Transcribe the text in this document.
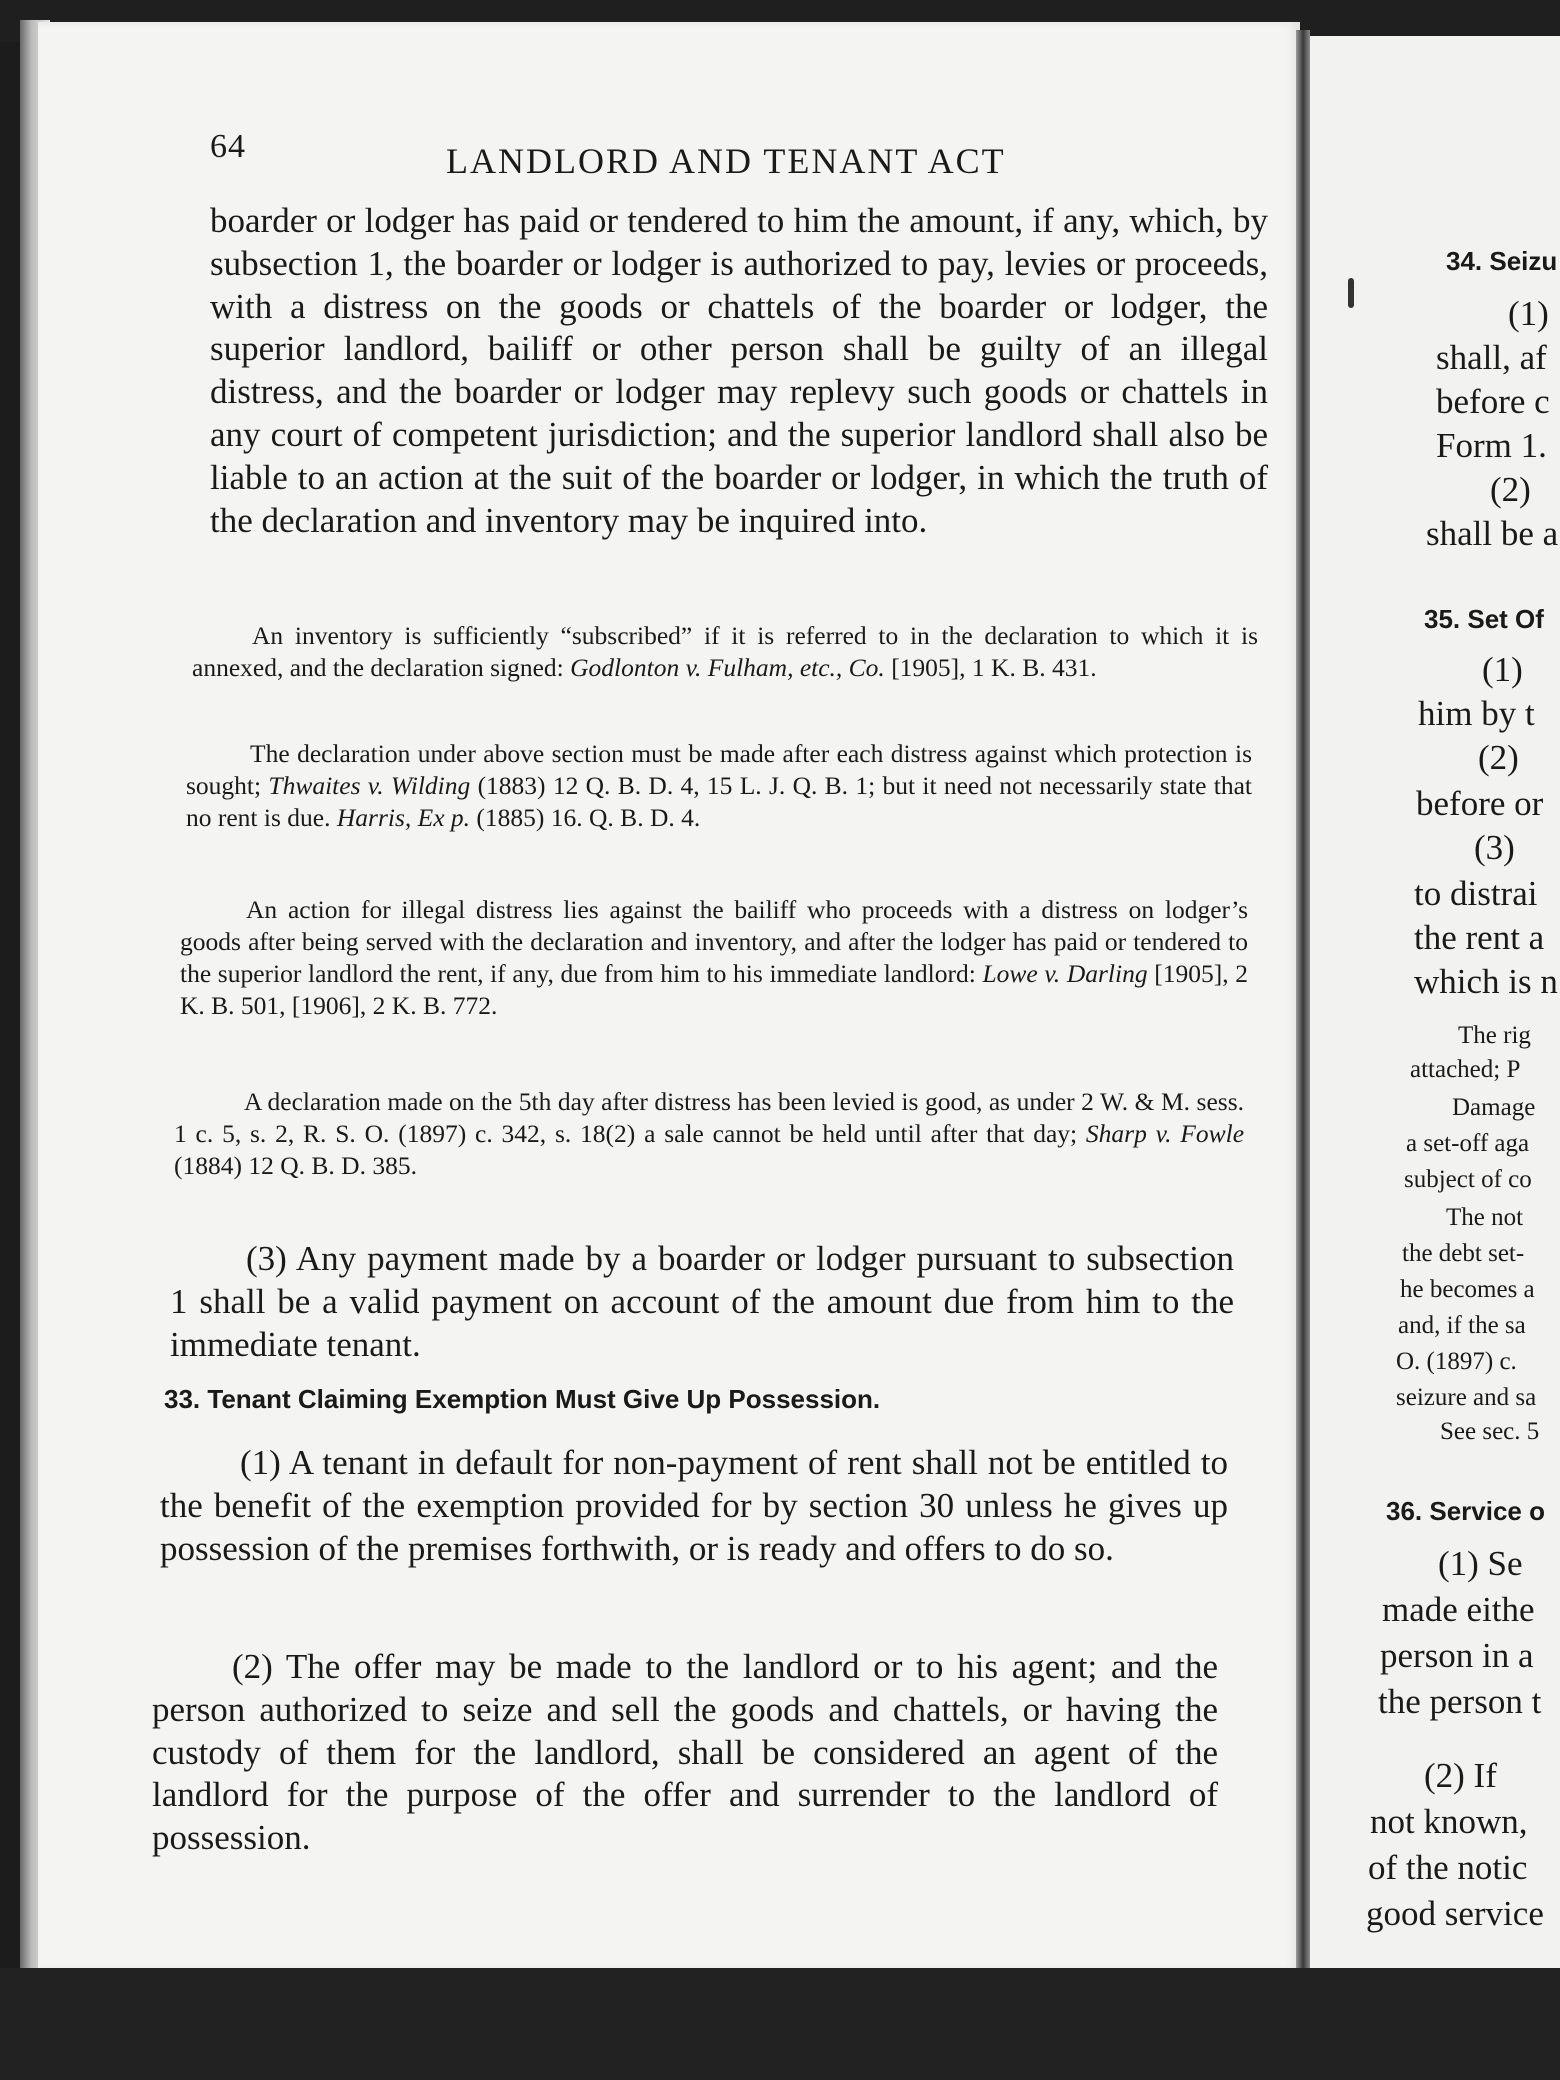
64	LANDLORD AND TENANT ACT

boarder or lodger has paid or tendered to him the amount, if any, which, by subsection 1, the boarder or lodger is authorized to pay, levies or proceeds, with a distress on the goods or chattels of the boarder or lodger, the superior landlord, bailiff or other person shall be guilty of an illegal distress, and the boarder or lodger may replevy such goods or chattels in any court of competent jurisdiction; and the superior landlord shall also be liable to an action at the suit of the boarder or lodger, in which the truth of the declaration and inventory may be inquired into.

An inventory is sufficiently “subscribed” if it is referred to in the declaration to which it is annexed, and the declaration signed: Godlonton v. Fulham, etc., Co. [1905], 1 K. B. 431.

The declaration under above section must be made after each distress against which protection is sought; Thwaites v. Wilding (1883) 12 Q. B. D. 4, 15 L. J. Q. B. 1; but it need not necessarily state that no rent is due. Harris, Ex p. (1885) 16. Q. B. D. 4.

An action for illegal distress lies against the bailiff who proceeds with a distress on lodger’s goods after being served with the declaration and inventory, and after the lodger has paid or tendered to the superior landlord the rent, if any, due from him to his immediate landlord: Lowe v. Darling [1905], 2 K. B. 501, [1906], 2 K. B. 772.

A declaration made on the 5th day after distress has been levied is good, as under 2 W. & M. sess. 1 c. 5, s. 2, R. S. O. (1897) c. 342, s. 18(2) a sale cannot be held until after that day; Sharp v. Fowle (1884) 12 Q. B. D. 385.

(3) Any payment made by a boarder or lodger pursuant to subsection 1 shall be a valid payment on account of the amount due from him to the immediate tenant.

33. Tenant Claiming Exemption Must Give Up Possession.

(1) A tenant in default for non-payment of rent shall not be entitled to the benefit of the exemption provided for by section 30 unless he gives up possession of the premises forthwith, or is ready and offers to do so.

(2) The offer may be made to the landlord or to his agent; and the person authorized to seize and sell the goods and chattels, or having the custody of them for the landlord, shall be considered an agent of the landlord for the purpose of the offer and surrender to the landlord of possession.

34. Seizu
(1)
shall, af
before c
Form 1.
(2)
shall be a
35. Set Of
(1)
him by t
(2)
before or
(3)
to distrai
the rent a
which is n
The rig
attached; P
Damage
a set-off aga
subject of co
The not
the debt set-
he becomes a
and, if the sa
O. (1897) c.
seizure and sa
See sec. 5
36. Service o
(1) Se
made eithe
person in a
the person t
(2) If
not known,
of the notic
good service
